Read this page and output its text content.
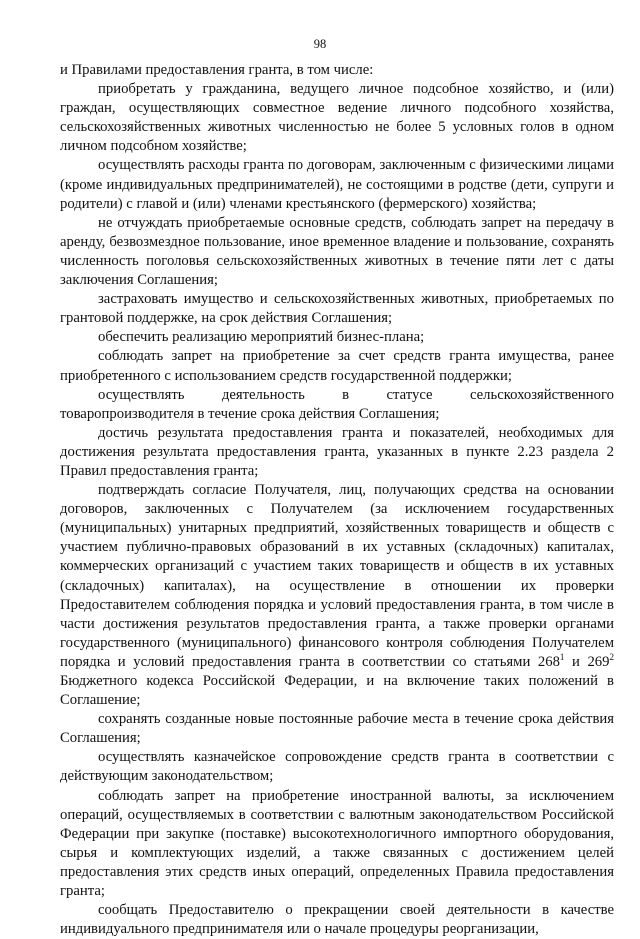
98

и Правилами предоставления гранта, в том числе:

приобретать у гражданина, ведущего личное подсобное хозяйство, и (или) граждан, осуществляющих совместное ведение личного подсобного хозяйства, сельскохозяйственных животных численностью не более 5 условных голов в одном личном подсобном хозяйстве;

осуществлять расходы гранта по договорам, заключенным с физическими лицами (кроме индивидуальных предпринимателей), не состоящими в родстве (дети, супруги и родители) с главой и (или) членами крестьянского (фермерского) хозяйства;

не отчуждать приобретаемые основные средств, соблюдать запрет на передачу в аренду, безвозмездное пользование, иное временное владение и пользование, сохранять численность поголовья сельскохозяйственных животных в течение пяти лет с даты заключения Соглашения;

застраховать имущество и сельскохозяйственных животных, приобретаемых по грантовой поддержке, на срок действия Соглашения;

обеспечить реализацию мероприятий бизнес-плана;

соблюдать запрет на приобретение за счет средств гранта имущества, ранее приобретенного с использованием средств государственной поддержки;

осуществлять деятельность в статусе сельскохозяйственного товаропроизводителя в течение срока действия Соглашения;

достичь результата предоставления гранта и показателей, необходимых для достижения результата предоставления гранта, указанных в пункте 2.23 раздела 2 Правил предоставления гранта;

подтверждать согласие Получателя, лиц, получающих средства на основании договоров, заключенных с Получателем (за исключением государственных (муниципальных) унитарных предприятий, хозяйственных товариществ и обществ с участием публично-правовых образований в их уставных (складочных) капиталах, коммерческих организаций с участием таких товариществ и обществ в их уставных (складочных) капиталах), на осуществление в отношении их проверки Предоставителем соблюдения порядка и условий предоставления гранта, в том числе в части достижения результатов предоставления гранта, а также проверки органами государственного (муниципального) финансового контроля соблюдения Получателем порядка и условий предоставления гранта в соответствии со статьями $268^1$ и $269^2$ Бюджетного кодекса Российской Федерации, и на включение таких положений в Соглашение;

сохранять созданные новые постоянные рабочие места в течение срока действия Соглашения;

осуществлять казначейское сопровождение средств гранта в соответствии с действующим законодательством;

соблюдать запрет на приобретение иностранной валюты, за исключением операций, осуществляемых в соответствии с валютным законодательством Российской Федерации при закупке (поставке) высокотехнологичного импортного оборудования, сырья и комплектующих изделий, а также связанных с достижением целей предоставления этих средств иных операций, определенных Правила предоставления гранта;

сообщать Предоставителю о прекращении своей деятельности в качестве индивидуального предпринимателя или о начале процедуры реорганизации,
